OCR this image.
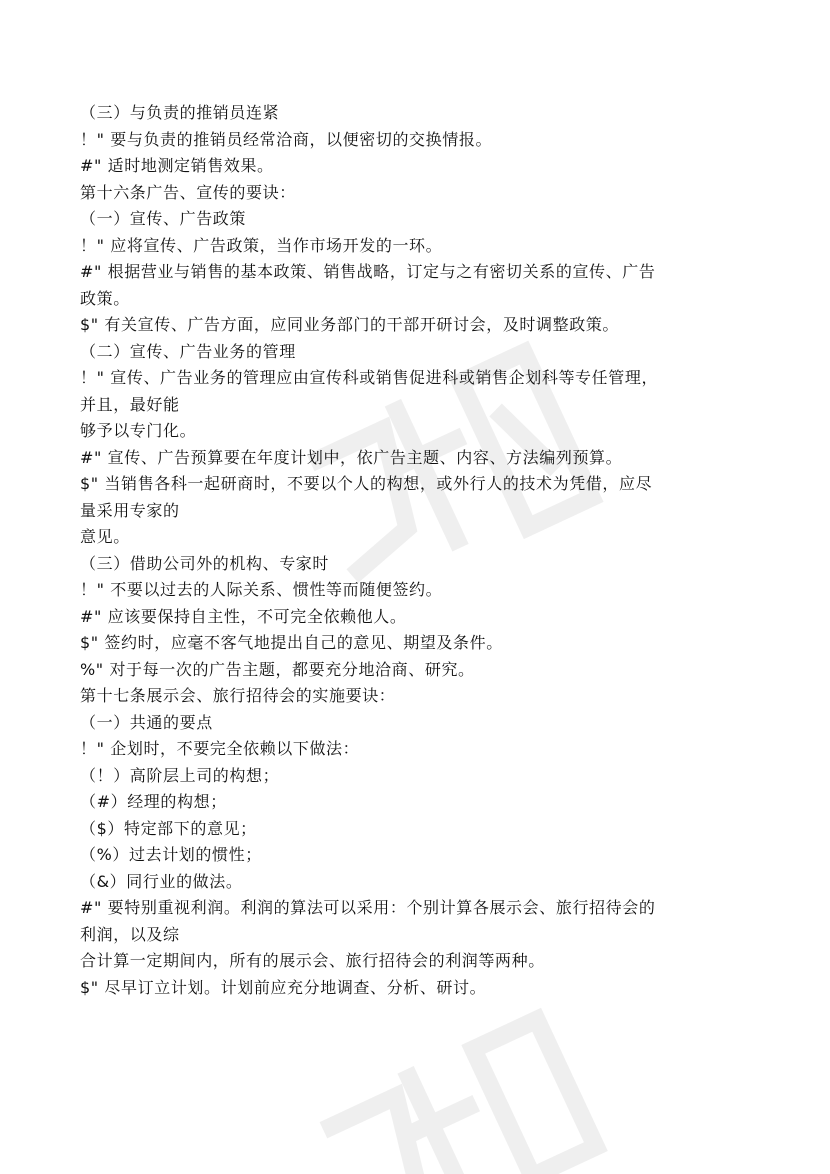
（三）与负责的推销员连紧
！" 要与负责的推销员经常洽商，以便密切的交换情报。
#" 适时地测定销售效果。
第十六条广告、宣传的要诀：
（一）宣传、广告政策
！" 应将宣传、广告政策，当作市场开发的一环。
#" 根据营业与销售的基本政策、销售战略，订定与之有密切关系的宣传、广告
政策。
$" 有关宣传、广告方面，应同业务部门的干部开研讨会，及时调整政策。
（二）宣传、广告业务的管理
！" 宣传、广告业务的管理应由宣传科或销售促进科或销售企划科等专任管理，
并且，最好能
够予以专门化。
#" 宣传、广告预算要在年度计划中，依广告主题、内容、方法编列预算。
$" 当销售各科一起研商时，不要以个人的构想，或外行人的技术为凭借，应尽
量采用专家的
意见。
（三）借助公司外的机构、专家时
！" 不要以过去的人际关系、惯性等而随便签约。
#" 应该要保持自主性，不可完全依赖他人。
$" 签约时，应毫不客气地提出自己的意见、期望及条件。
%" 对于每一次的广告主题，都要充分地洽商、研究。
第十七条展示会、旅行招待会的实施要诀：
（一）共通的要点
！" 企划时，不要完全依赖以下做法：
（！）高阶层上司的构想；
（#）经理的构想；
（$）特定部下的意见；
（%）过去计划的惯性；
（&）同行业的做法。
#" 要特别重视利润。利润的算法可以采用：个别计算各展示会、旅行招待会的
利润，以及综
合计算一定期间内，所有的展示会、旅行招待会的利润等两种。
$" 尽早订立计划。计划前应充分地调查、分析、研讨。
